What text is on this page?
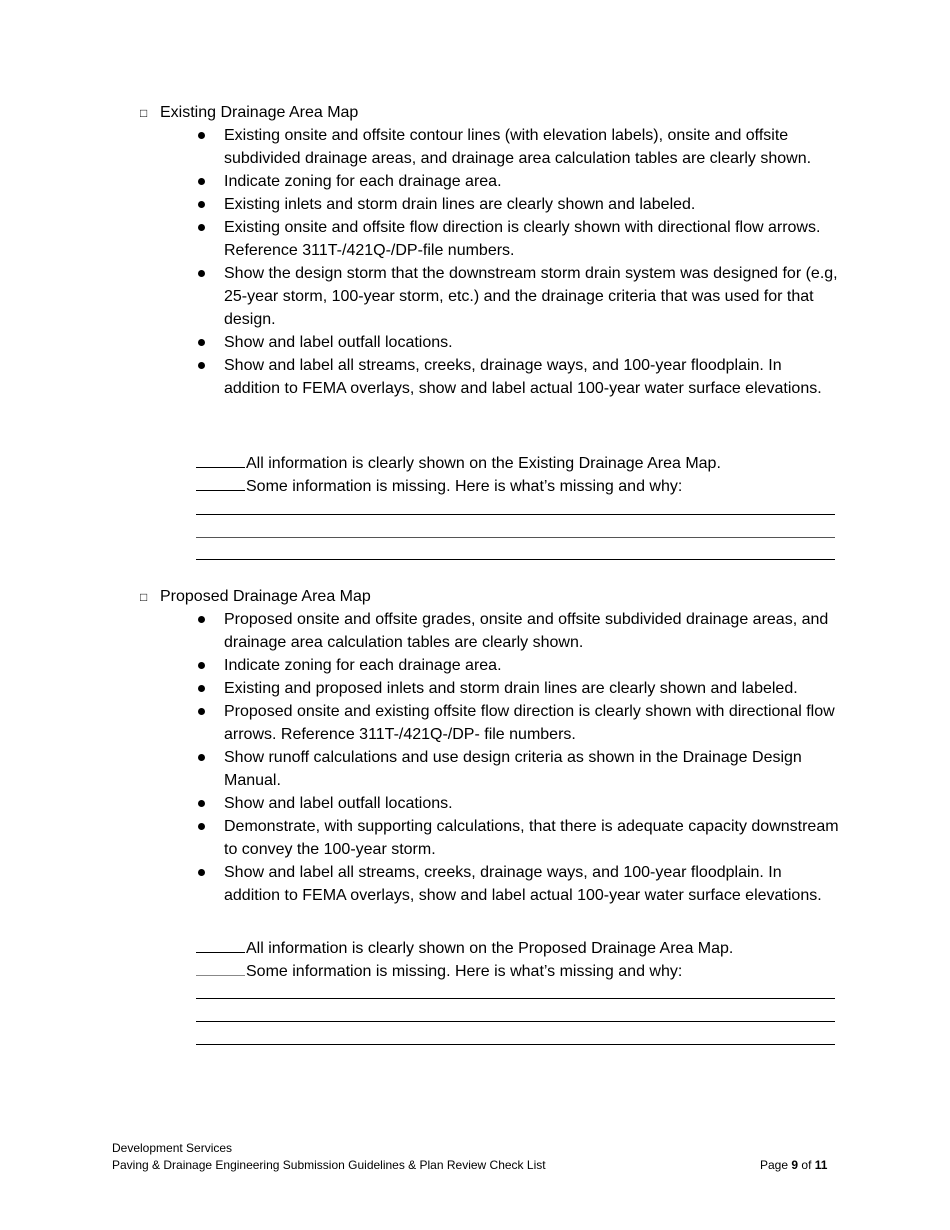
□ Existing Drainage Area Map
Existing onsite and offsite contour lines (with elevation labels), onsite and offsite subdivided drainage areas, and drainage area calculation tables are clearly shown.
Indicate zoning for each drainage area.
Existing inlets and storm drain lines are clearly shown and labeled.
Existing onsite and offsite flow direction is clearly shown with directional flow arrows. Reference 311T-/421Q-/DP-file numbers.
Show the design storm that the downstream storm drain system was designed for (e.g, 25-year storm, 100-year storm, etc.) and the drainage criteria that was used for that design.
Show and label outfall locations.
Show and label all streams, creeks, drainage ways, and 100-year floodplain. In addition to FEMA overlays, show and label actual 100-year water surface elevations.
All information is clearly shown on the Existing Drainage Area Map.
Some information is missing. Here is what’s missing and why:
□ Proposed Drainage Area Map
Proposed onsite and offsite grades, onsite and offsite subdivided drainage areas, and drainage area calculation tables are clearly shown.
Indicate zoning for each drainage area.
Existing and proposed inlets and storm drain lines are clearly shown and labeled.
Proposed onsite and existing offsite flow direction is clearly shown with directional flow arrows. Reference 311T-/421Q-/DP- file numbers.
Show runoff calculations and use design criteria as shown in the Drainage Design Manual.
Show and label outfall locations.
Demonstrate, with supporting calculations, that there is adequate capacity downstream to convey the 100-year storm.
Show and label all streams, creeks, drainage ways, and 100-year floodplain. In addition to FEMA overlays, show and label actual 100-year water surface elevations.
All information is clearly shown on the Proposed Drainage Area Map.
Some information is missing. Here is what’s missing and why:
Development Services
Paving & Drainage Engineering Submission Guidelines & Plan Review Check List	Page 9 of 11
